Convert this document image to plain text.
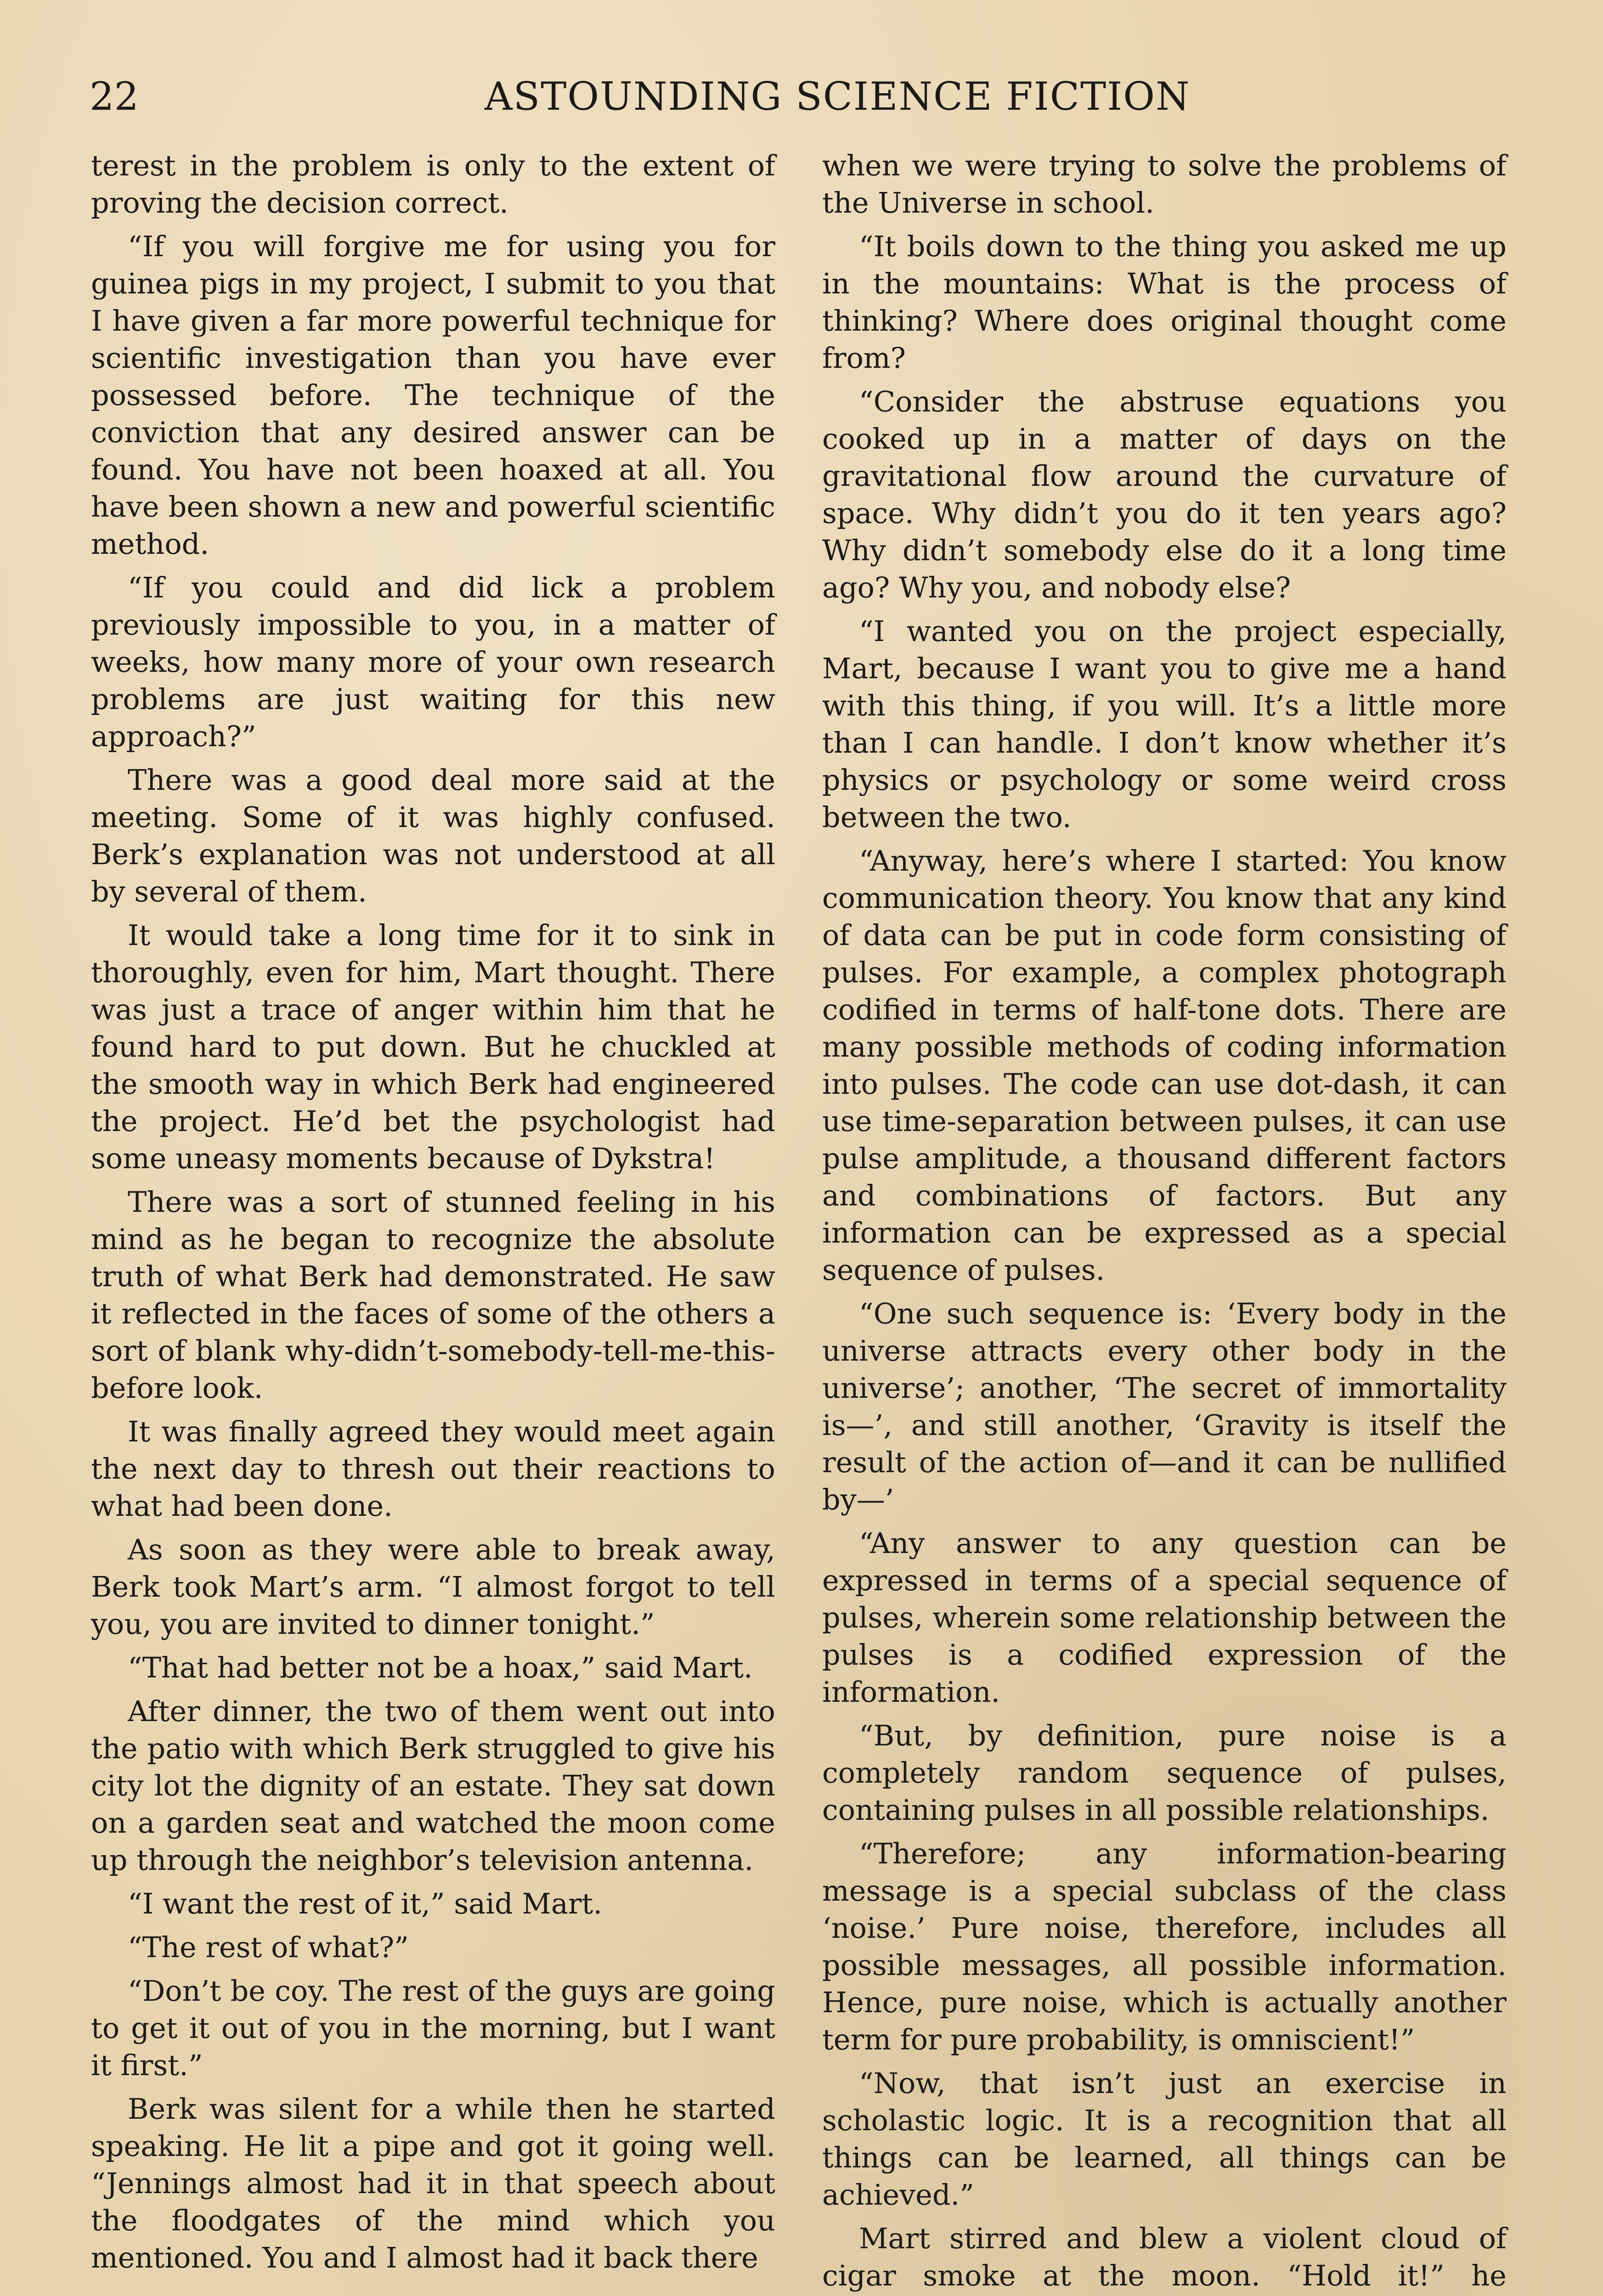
22	ASTOUNDING SCIENCE FICTION

terest in the problem is only to the extent of proving the decision correct.

“If you will forgive me for using you for guinea pigs in my project, I submit to you that I have given a far more powerful technique for scientific investigation than you have ever possessed before. The technique of the conviction that any desired answer can be found. You have not been hoaxed at all. You have been shown a new and powerful scientific method.

“If you could and did lick a problem previously impossible to you, in a matter of weeks, how many more of your own research problems are just waiting for this new approach?”

There was a good deal more said at the meeting. Some of it was highly confused. Berk’s explanation was not understood at all by several of them.

It would take a long time for it to sink in thoroughly, even for him, Mart thought. There was just a trace of anger within him that he found hard to put down. But he chuckled at the smooth way in which Berk had engineered the project. He’d bet the psychologist had some uneasy moments because of Dykstra!

There was a sort of stunned feeling in his mind as he began to recognize the absolute truth of what Berk had demonstrated. He saw it reflected in the faces of some of the others a sort of blank why-didn’t-somebody-tell-me-this-before look.

It was finally agreed they would meet again the next day to thresh out their reactions to what had been done.

As soon as they were able to break away, Berk took Mart’s arm. “I almost forgot to tell you, you are invited to dinner tonight.”

“That had better not be a hoax,” said Mart.

After dinner, the two of them went out into the patio with which Berk struggled to give his city lot the dignity of an estate. They sat down on a garden seat and watched the moon come up through the neighbor’s television antenna.

“I want the rest of it,” said Mart.

“The rest of what?”

“Don’t be coy. The rest of the guys are going to get it out of you in the morning, but I want it first.”

Berk was silent for a while then he started speaking. He lit a pipe and got it going well. “Jennings almost had it in that speech about the floodgates of the mind which you mentioned. You and I almost had it back there

when we were trying to solve the problems of the Universe in school.

“It boils down to the thing you asked me up in the mountains: What is the process of thinking? Where does original thought come from?

“Consider the abstruse equations you cooked up in a matter of days on the gravitational flow around the curvature of space. Why didn’t you do it ten years ago? Why didn’t somebody else do it a long time ago? Why you, and nobody else?

“I wanted you on the project especially, Mart, because I want you to give me a hand with this thing, if you will. It’s a little more than I can handle. I don’t know whether it’s physics or psychology or some weird cross between the two.

“Anyway, here’s where I started: You know communication theory. You know that any kind of data can be put in code form consisting of pulses. For example, a complex photograph codified in terms of half-tone dots. There are many possible methods of coding information into pulses. The code can use dot-dash, it can use time-separation between pulses, it can use pulse amplitude, a thousand different factors and combinations of factors. But any information can be expressed as a special sequence of pulses.

“One such sequence is: ‘Every body in the universe attracts every other body in the universe’; another, ‘The secret of immortality is—’, and still another, ‘Gravity is itself the result of the action of—and it can be nullified by—’

“Any answer to any question can be expressed in terms of a special sequence of pulses, wherein some relationship between the pulses is a codified expression of the information.

“But, by definition, pure noise is a completely random sequence of pulses, containing pulses in all possible relationships.

“Therefore; any information-bearing message is a special subclass of the class ‘noise.’ Pure noise, therefore, includes all possible messages, all possible information. Hence, pure noise, which is actually another term for pure probability, is omniscient!”

“Now, that isn’t just an exercise in scholastic logic. It is a recognition that all things can be learned, all things can be achieved.”

Mart stirred and blew a violent cloud of cigar smoke at the moon. “Hold it!” he
